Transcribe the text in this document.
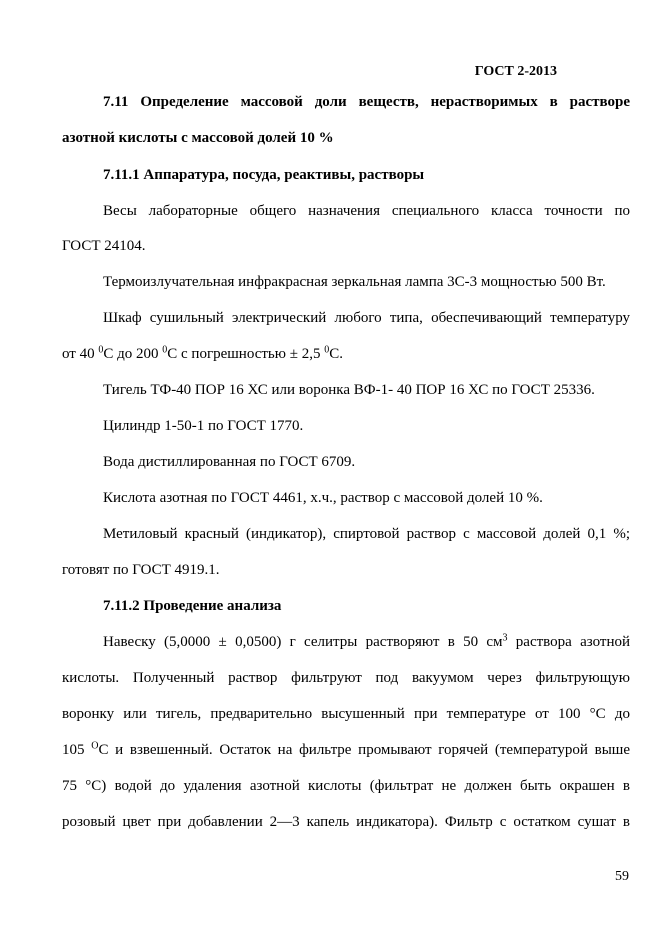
ГОСТ 2-2013
7.11 Определение массовой доли веществ, нерастворимых в растворе
азотной кислоты с массовой долей 10 %
7.11.1 Аппаратура, посуда, реактивы, растворы
Весы лабораторные общего назначения специального класса точности по
ГОСТ 24104.
Термоизлучательная инфракрасная зеркальная лампа 3С-3 мощностью 500 Вт.
Шкаф сушильный электрический любого типа, обеспечивающий температуру
от 40 $^0$С до 200 $^0$С с погрешностью ± 2,5 $^0$С.
Тигель ТФ-40 ПОР 16 ХС или воронка ВФ-1- 40 ПОР 16 ХС по ГОСТ 25336.
Цилиндр 1-50-1 по ГОСТ 1770.
Вода дистиллированная по ГОСТ 6709.
Кислота азотная по ГОСТ 4461, х.ч., раствор с массовой долей 10 %.
Метиловый красный (индикатор), спиртовой раствор с массовой долей 0,1 %;
готовят по ГОСТ 4919.1.
7.11.2 Проведение анализа
Навеску (5,0000 ± 0,0500) г селитры растворяют в 50 $см^3$ раствора азотной
кислоты. Полученный раствор фильтруют под вакуумом через фильтрующую
воронку или тигель, предварительно высушенный при температуре от 100 °С до
105 $^О$С и взвешенный. Остаток на фильтре промывают горячей (температурой выше
75 °С) водой до удаления азотной кислоты (фильтрат не должен быть окрашен в
розовый цвет при добавлении 2—3 капель индикатора). Фильтр с остатком сушат в
59
